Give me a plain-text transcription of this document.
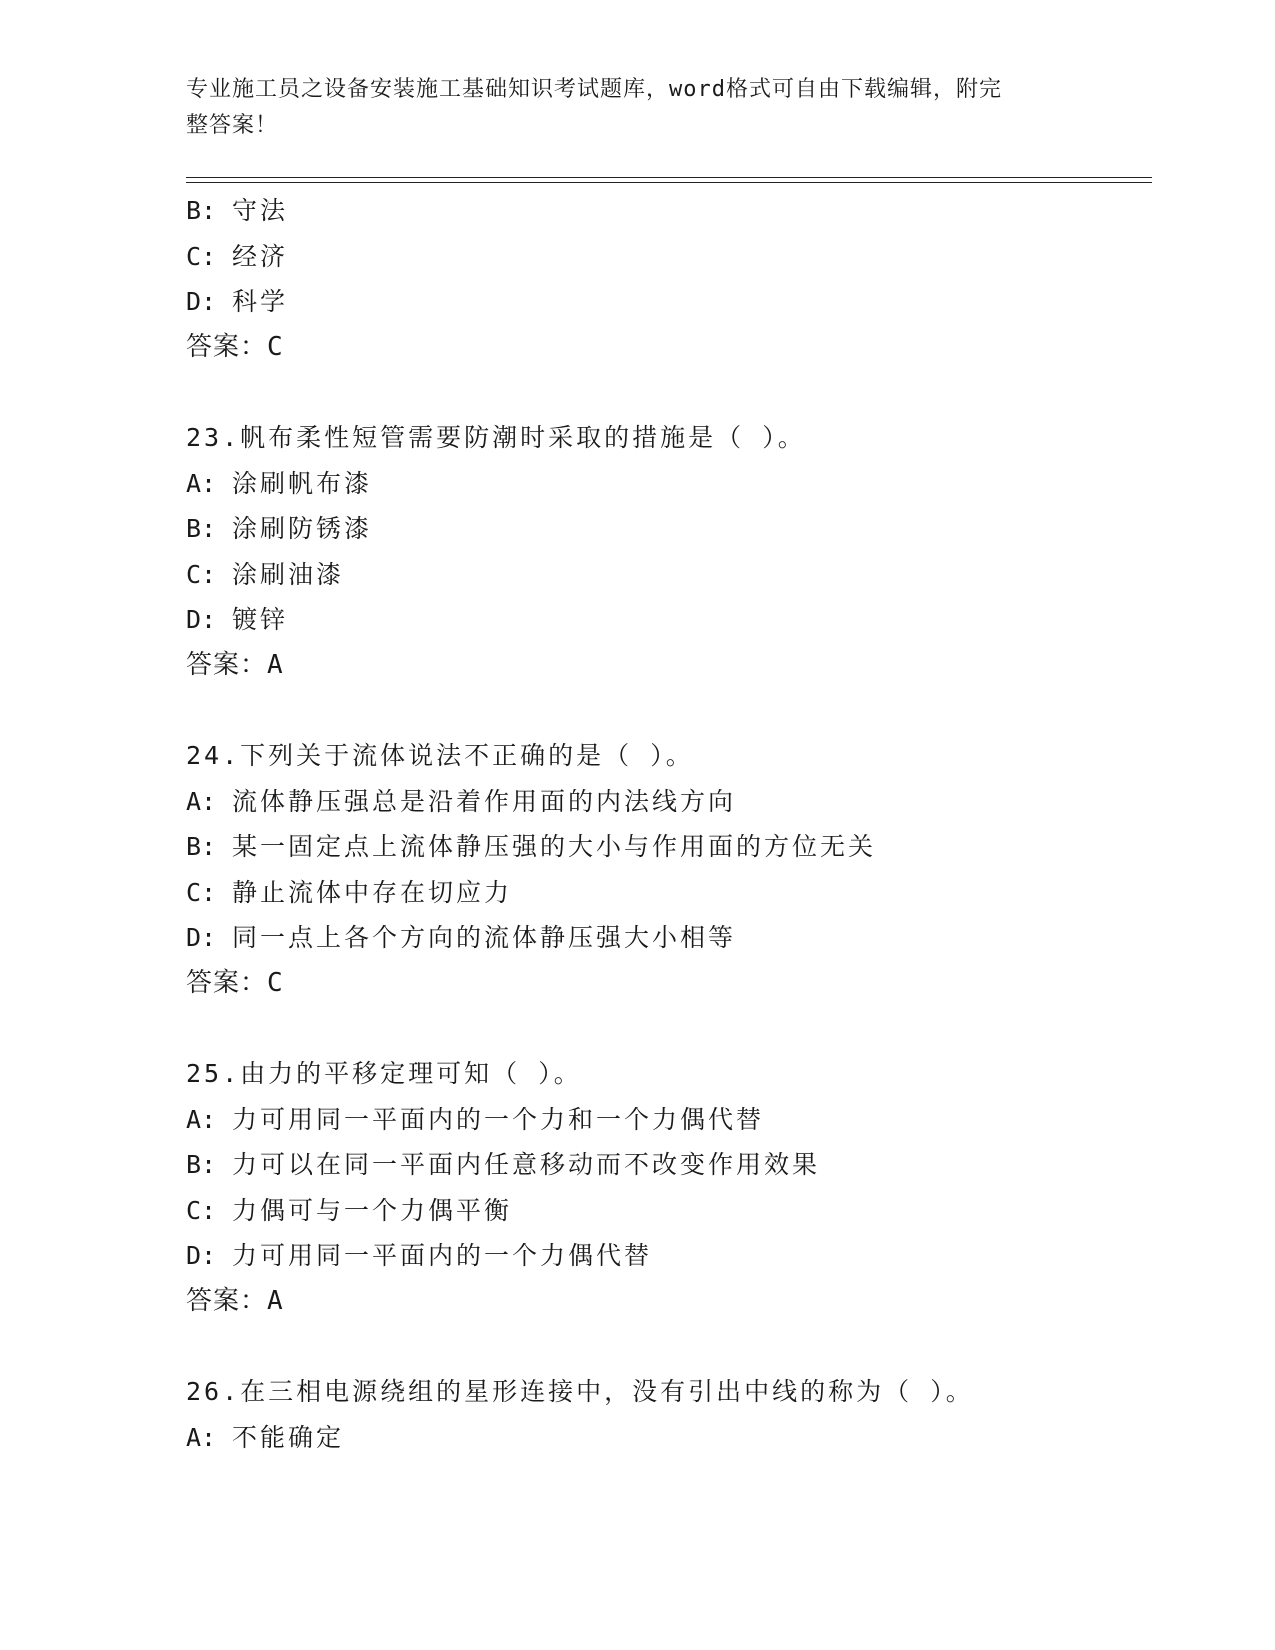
专业施工员之设备安装施工基础知识考试题库，word格式可自由下载编辑，附完
整答案！
B: 守法
C: 经济
D: 科学
答案：C
23.帆布柔性短管需要防潮时采取的措施是（ ）。
A: 涂刷帆布漆
B: 涂刷防锈漆
C: 涂刷油漆
D: 镀锌
答案：A
24.下列关于流体说法不正确的是（ ）。
A: 流体静压强总是沿着作用面的内法线方向
B: 某一固定点上流体静压强的大小与作用面的方位无关
C: 静止流体中存在切应力
D: 同一点上各个方向的流体静压强大小相等
答案：C
25.由力的平移定理可知（ ）。
A: 力可用同一平面内的一个力和一个力偶代替
B: 力可以在同一平面内任意移动而不改变作用效果
C: 力偶可与一个力偶平衡
D: 力可用同一平面内的一个力偶代替
答案：A
26.在三相电源绕组的星形连接中，没有引出中线的称为（ ）。
A: 不能确定
